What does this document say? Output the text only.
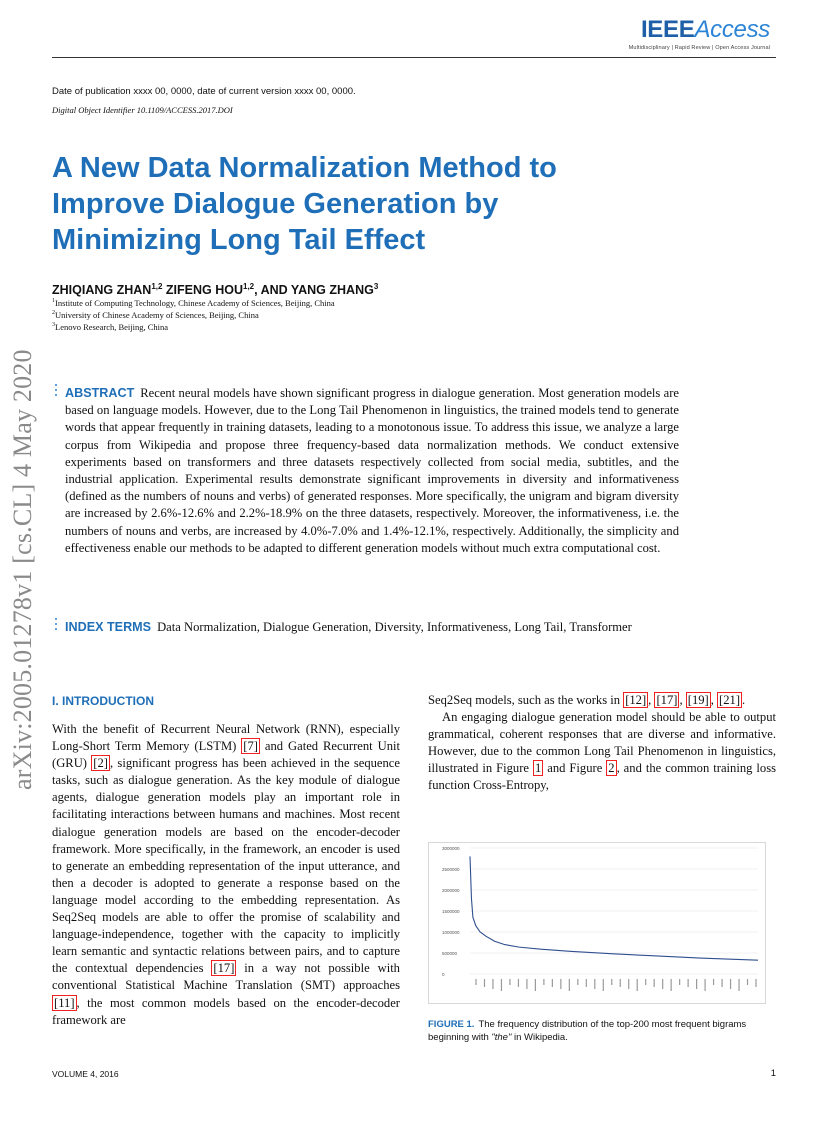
IEEEAccess
Multidisciplinary | Rapid Review | Open Access Journal
Date of publication xxxx 00, 0000, date of current version xxxx 00, 0000.
Digital Object Identifier 10.1109/ACCESS.2017.DOI
A New Data Normalization Method to
Improve Dialogue Generation by
Minimizing Long Tail Effect
ZHIQIANG ZHAN$^{1,2}$ ZIFENG HOU$^{1,2}$, AND YANG ZHANG$^3$
$^1$Institute of Computing Technology, Chinese Academy of Sciences, Beijing, China
$^2$University of Chinese Academy of Sciences, Beijing, China
$^3$Lenovo Research, Beijing, China
arXiv:2005.01278v1 [cs.CL] 4 May 2020 ABSTRACT Recent neural models have shown significant progress in dialogue generation. Most generation models are based on language models. However, due to the Long Tail Phenomenon in linguistics, the trained models tend to generate words that appear frequently in training datasets, leading to a monotonous issue. To address this issue, we analyze a large corpus from Wikipedia and propose three frequency-based data normalization methods. We conduct extensive experiments based on transformers and three datasets respectively collected from social media, subtitles, and the industrial application. Experimental results demonstrate significant improvements in diversity and informativeness (defined as the numbers of nouns and verbs) of generated responses. More specifically, the unigram and bigram diversity are increased by 2.6%-12.6% and 2.2%-18.9% on the three datasets, respectively. Moreover, the informativeness, i.e. the numbers of nouns and verbs, are increased by 4.0%-7.0% and 1.4%-12.1%, respectively. Additionally, the simplicity and effectiveness enable our methods to be adapted to different generation models without much extra computational cost.
INDEX TERMS Data Normalization, Dialogue Generation, Diversity, Informativeness, Long Tail, Transformer
I. INTRODUCTION
With the benefit of Recurrent Neural Network (RNN), especially Long-Short Term Memory (LSTM) [7] and Gated Recurrent Unit (GRU) [2] , significant progress has been achieved in the sequence tasks, such as dialogue generation. As the key module of dialogue agents, dialogue generation models play an important role in facilitating interactions between humans and machines. Most recent dialogue generation models are based on the encoder-decoder framework. More specifically, in the framework, an encoder is used to generate an embedding representation of the input utterance, and then a decoder is adopted to generate a response based on the language model according to the embedding representation. As Seq2Seq models are able to offer the promise of scalability and language-independence, together with the capacity to implicitly learn semantic and syntactic relations between pairs, and to capture the contextual dependencies [17] in a way not possible with conventional Statistical Machine Translation (SMT) approaches [11] , the most common models based on the encoder-decoder framework are
Seq2Seq models, such as the works in [12] , [17] , [19] , [21] .
An engaging dialogue generation model should be able to output grammatical, coherent responses that are diverse and informative. However, due to the common Long Tail Phenomenon in linguistics, illustrated in Figure 1 and Figure 2 , and the common training loss function Cross-Entropy,
3000000
2500000
2000000
1500000
1000000
500000
0
FIGURE 1. The frequency distribution of the top-200 most frequent bigrams beginning with "the" in Wikipedia.
VOLUME 4, 2016	1
